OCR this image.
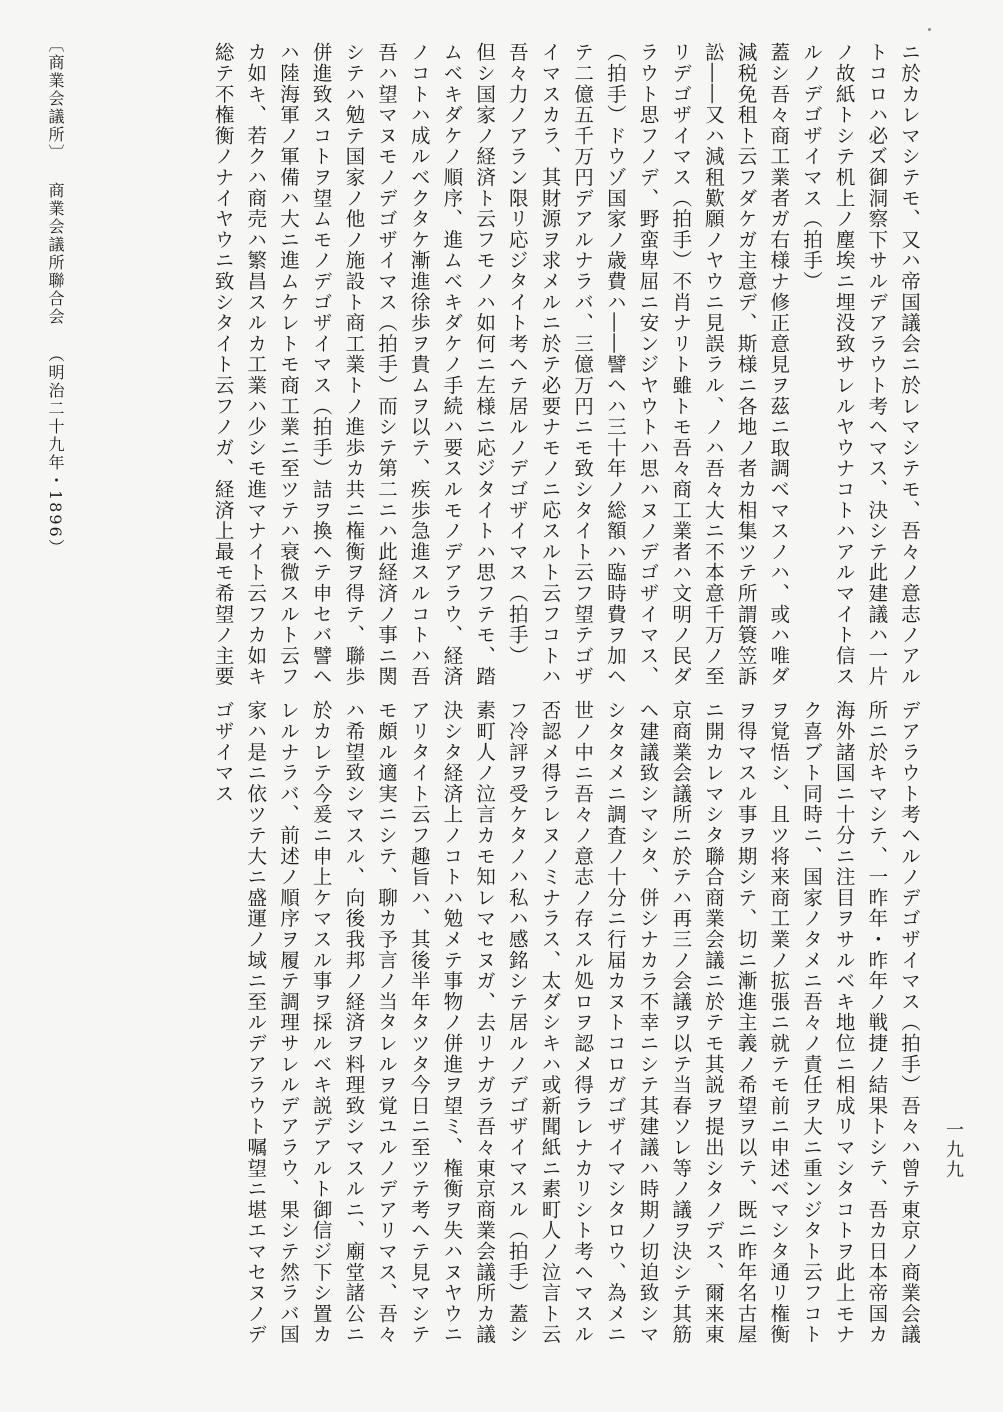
ニ於カレマシテモ、又ハ帝国議会ニ於レマシテモ、吾々ノ意志ノアル
トコロハ必ズ御洞察下サルデアラウト考ヘマス、決シテ此建議ハ一片
ノ故紙トシテ机上ノ塵埃ニ埋没致サレルヤウナコトハアルマイト信ス
ルノデゴザイマス（拍手）
蓋シ吾々商工業者ガ右様ナ修正意見ヲ茲ニ取調ベマスノハ、或ハ唯ダ
減税免租ト云フダケガ主意デ、斯様ニ各地ノ者カ相集ツテ所謂簑笠訴
訟――又ハ減租歎願ノヤウニ見誤ラル、ノハ吾々大ニ不本意千万ノ至
リデゴザイマス（拍手）不肖ナリト雖トモ吾々商工業者ハ文明ノ民ダ
ラウト思フノデ、野蛮卑屈ニ安ンジヤウトハ思ハヌノデゴザイマス、
（拍手）ドウゾ国家ノ歳費ハ――譬ヘハ三十年ノ総額ハ臨時費ヲ加ヘ
テ二億五千万円デアルナラバ、三億万円ニモ致シタイト云フ望テゴザ
イマスカラ、其財源ヲ求メルニ於テ必要ナモノニ応スルト云フコトハ
吾々力ノアラン限リ応ジタイト考ヘテ居ルノデゴザイマス（拍手）
但シ国家ノ経済ト云フモノハ如何ニ左様ニ応ジタイトハ思フテモ、踏
ムベキダケノ順序、進ムベキダケノ手続ハ要スルモノデアラウ、経済
ノコトハ成ルベクタケ漸進徐歩ヲ貴ムヲ以テ、疾歩急進スルコトハ吾
吾ハ望マヌモノデゴザイマス（拍手）而シテ第二ニハ此経済ノ事ニ関
シテハ勉テ国家ノ他ノ施設ト商工業トノ進歩カ共ニ権衡ヲ得テ、聯歩
併進致スコトヲ望ムモノデゴザイマス（拍手）詰ヲ換ヘテ申セバ譬ヘ
ハ陸海軍ノ軍備ハ大ニ進ムケレトモ商工業ニ至ツテハ衰微スルト云フ
カ如キ、若クハ商売ハ繁昌スルカ工業ハ少シモ進マナイト云フカ如キ
総テ不権衡ノナイヤウニ致シタイト云フノガ、経済上最モ希望ノ主要
デアラウト考ヘルノデゴザイマス（拍手）吾々ハ曾テ東京ノ商業会議
所ニ於キマシテ、一昨年・昨年ノ戦捷ノ結果トシテ、吾カ日本帝国カ
海外諸国ニ十分ニ注目ヲサルベキ地位ニ相成リマシタコトヲ此上モナ
ク喜ブト同時ニ、国家ノタメニ吾々ノ責任ヲ大ニ重ンジタト云フコト
ヲ覚悟シ、且ツ将来商工業ノ拡張ニ就テモ前ニ申述ベマシタ通リ権衡
ヲ得マスル事ヲ期シテ、切ニ漸進主義ノ希望ヲ以テ、既ニ昨年名古屋
ニ開カレマシタ聯合商業会議ニ於テモ其説ヲ提出シタノデス、爾来東
京商業会議所ニ於テハ再三ノ会議ヲ以テ当春ソレ等ノ議ヲ決シテ其筋
ヘ建議致シマシタ、併シナカラ不幸ニシテ其建議ハ時期ノ切迫致シマ
シタタメニ調査ノ十分ニ行届カヌトコロガゴザイマシタロウ、為メニ
世ノ中ニ吾々ノ意志ノ存スル処ロヲ認メ得ラレナカリシト考ヘマスル
否認メ得ラレヌノミナラス、太ダシキハ或新聞紙ニ素町人ノ泣言ト云
フ冷評ヲ受ケタノハ私ハ感銘シテ居ルノデゴザイマスル（拍手）蓋シ
素町人ノ泣言カモ知レマセヌガ、去リナガラ吾々東京商業会議所カ議
決シタ経済上ノコトハ勉メテ事物ノ併進ヲ望ミ、権衡ヲ失ハヌヤウニ
アリタイト云フ趣旨ハ、其後半年タツタ今日ニ至ツテ考ヘテ見マシテ
モ頗ル適実ニシテ、聊カ予言ノ当タレルヲ覚ユルノデアリマス、吾々
ハ希望致シマスル、向後我邦ノ経済ヲ料理致シマスルニ、廟堂諸公ニ
於カレテ今爰ニ申上ケマスル事ヲ採ルベキ説デアルト御信ジ下シ置カ
レルナラバ、前述ノ順序ヲ履テ調理サレルデアラウ、果シテ然ラバ国
家ハ是ニ依ツテ大ニ盛運ノ域ニ至ルデアラウト嘱望ニ堪エマセヌノデ
ゴザイマス
〔商業会議所〕
商業会議所聯合会
（明治二十九年・1896）
一九九
